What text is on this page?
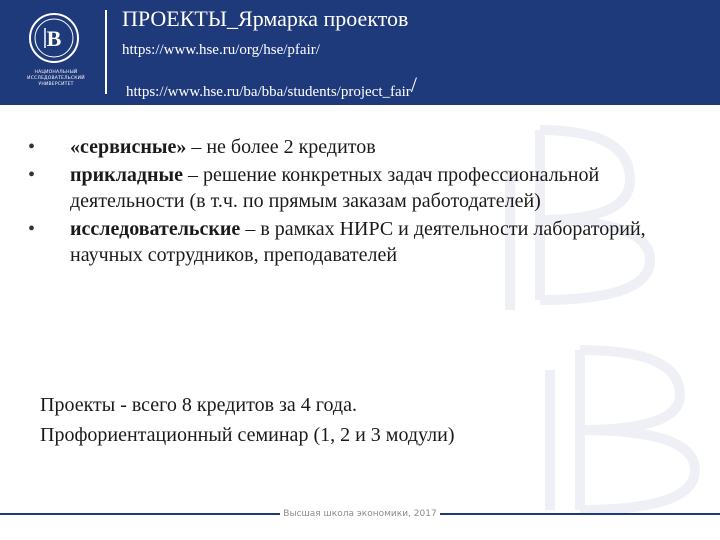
В
НАЦИОНАЛЬНЫЙ ИССЛЕДОВАТЕЛЬСКИЙ УНИВЕРСИТЕТ
ПРОЕКТЫ_Ярмарка проектов
https://www.hse.ru/org/hse/pfair/
https://www.hse.ru/ba/bba/students/project_fair/
•	«сервисные» – не более 2 кредитов
•	прикладные – решение конкретных задач профессиональной деятельности (в т.ч. по прямым заказам работодателей)
•	исследовательские – в рамках НИРС и деятельности лабораторий, научных сотрудников, преподавателей
Проекты - всего 8 кредитов за 4 года.
Профориентационный семинар (1, 2 и 3 модули)
Высшая школа экономики, 2017
